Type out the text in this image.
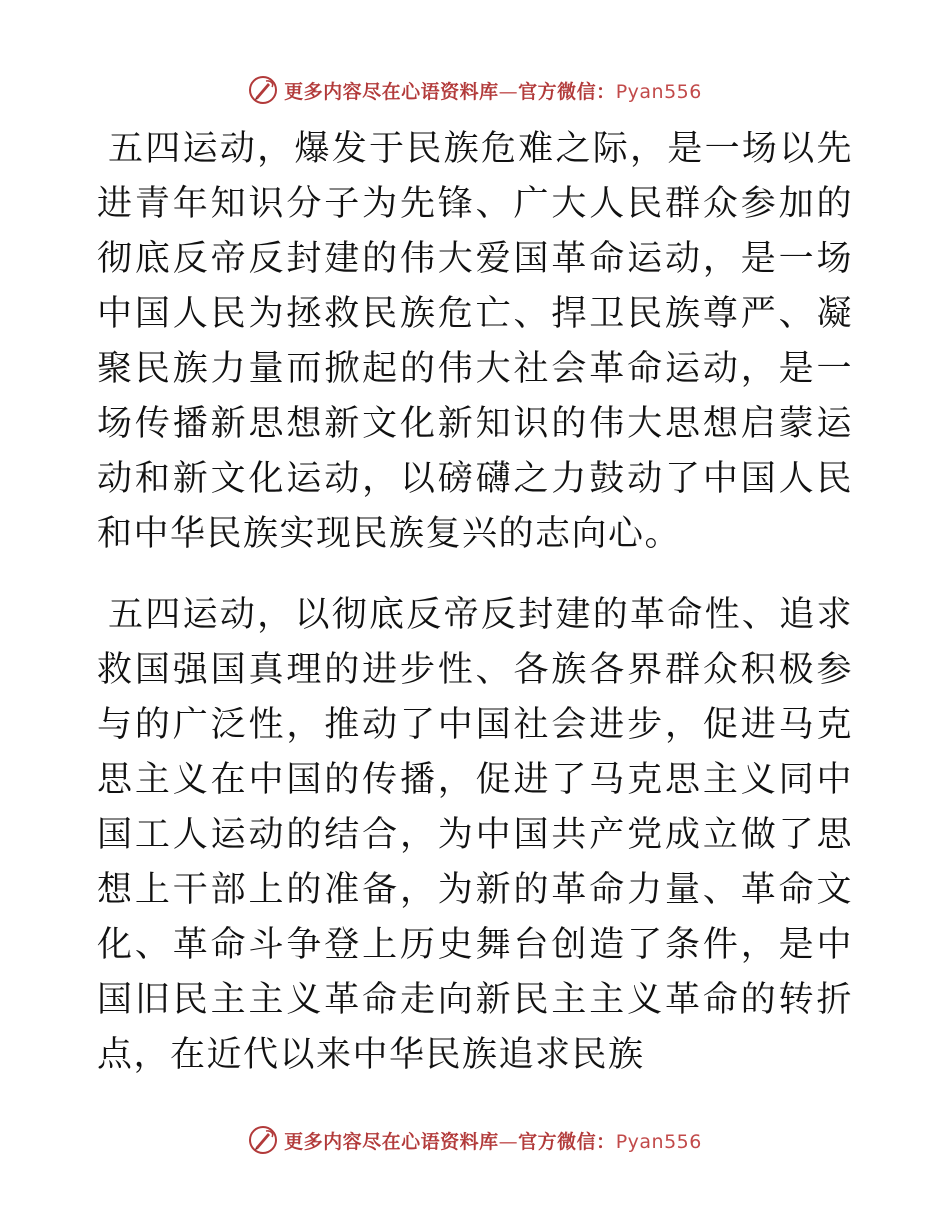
更多内容尽在心语资料库—官方微信：Pyan556

五四运动，爆发于民族危难之际，是一场以先进青年知识分子为先锋、广大人民群众参加的彻底反帝反封建的伟大爱国革命运动，是一场中国人民为拯救民族危亡、捍卫民族尊严、凝聚民族力量而掀起的伟大社会革命运动，是一场传播新思想新文化新知识的伟大思想启蒙运动和新文化运动，以磅礴之力鼓动了中国人民和中华民族实现民族复兴的志向心。

五四运动，以彻底反帝反封建的革命性、追求救国强国真理的进步性、各族各界群众积极参与的广泛性，推动了中国社会进步，促进马克思主义在中国的传播，促进了马克思主义同中国工人运动的结合，为中国共产党成立做了思想上干部上的准备，为新的革命力量、革命文化、革命斗争登上历史舞台创造了条件，是中国旧民主主义革命走向新民主主义革命的转折点，在近代以来中华民族追求民族

更多内容尽在心语资料库—官方微信：Pyan556
